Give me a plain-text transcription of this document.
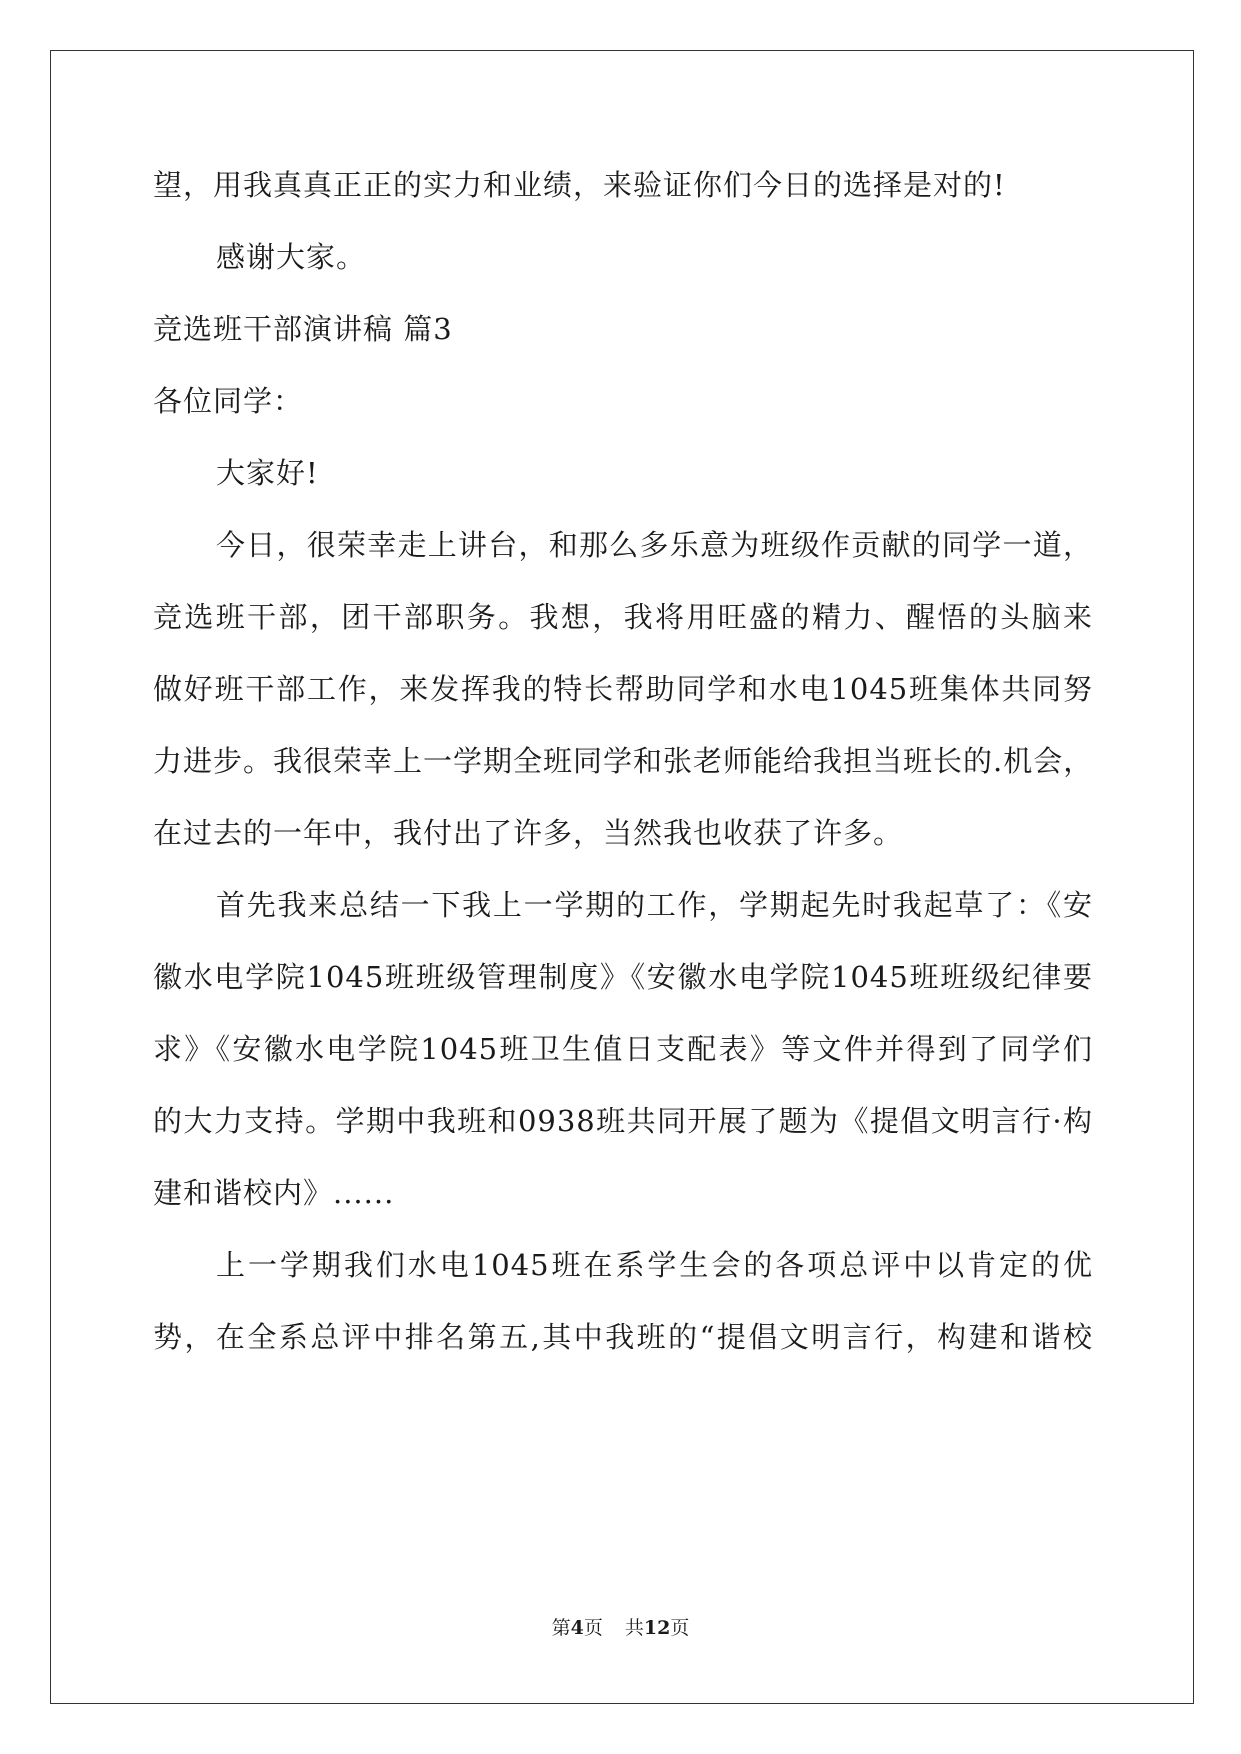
望，用我真真正正的实力和业绩，来验证你们今日的选择是对的!
感谢大家。
竞选班干部演讲稿 篇3
各位同学：
大家好!
今日，很荣幸走上讲台，和那么多乐意为班级作贡献的同学一道，
竞选班干部，团干部职务。我想，我将用旺盛的精力、醒悟的头脑来
做好班干部工作，来发挥我的特长帮助同学和水电1045班集体共同努
力进步。我很荣幸上一学期全班同学和张老师能给我担当班长的.机会，
在过去的一年中，我付出了许多，当然我也收获了许多。
首先我来总结一下我上一学期的工作，学期起先时我起草了：《安
徽水电学院1045班班级管理制度》《安徽水电学院1045班班级纪律要
求》《安徽水电学院1045班卫生值日支配表》等文件并得到了同学们
的大力支持。学期中我班和0938班共同开展了题为《提倡文明言行·构
建和谐校内》......
上一学期我们水电1045班在系学生会的各项总评中以肯定的优
势，在全系总评中排名第五,其中我班的“提倡文明言行，构建和谐校
第4页 共12页
